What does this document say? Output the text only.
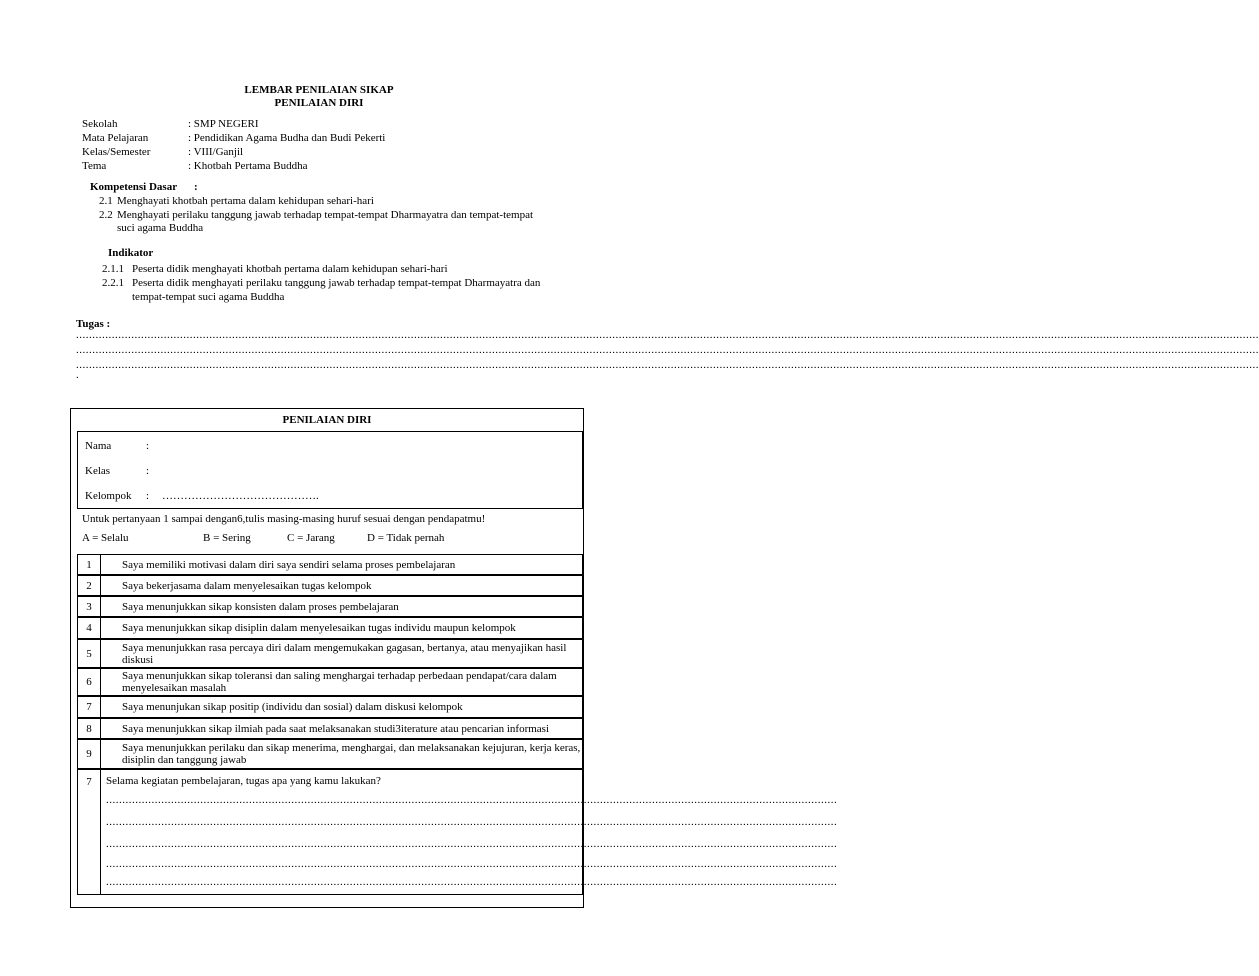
LEMBAR PENILAIAN SIKAP
PENILAIAN DIRI
Sekolah	: SMP NEGERI
Mata Pelajaran	: Pendidikan Agama Budha dan Budi Pekerti
Kelas/Semester	: VIII/Ganjil
Tema	: Khotbah Pertama Buddha
Kompetensi Dasar :
2.1 Menghayati khotbah pertama dalam kehidupan sehari-hari
2.2 Menghayati perilaku tanggung jawab terhadap tempat-tempat Dharmayatra dan tempat-tempat
suci agama Buddha
Indikator
2.1.1 Peserta didik menghayati khotbah pertama dalam kehidupan sehari-hari
2.2.1 Peserta didik menghayati perilaku tanggung jawab terhadap tempat-tempat Dharmayatra dan
tempat-tempat suci agama Buddha
Tugas :
............................................................................................................................................................................................................................................................................................................................................................................
............................................................................................................................................................................................................................................................................................................................................................................
............................................................................................................................................................................................................................................................................................................................................................................
.
PENILAIAN DIRI
Nama	:
Kelas	:
Kelompok : …………………………………….
Untuk pertanyaan 1 sampai dengan6,tulis masing-masing huruf sesuai dengan pendapatmu!
A = Selalu	B = Sering	C = Jarang	D = Tidak pernah
1	Saya memiliki motivasi dalam diri saya sendiri selama proses pembelajaran
2	Saya bekerjasama dalam menyelesaikan tugas kelompok
3	Saya menunjukkan sikap konsisten dalam proses pembelajaran
4	Saya menunjukkan sikap disiplin dalam menyelesaikan tugas individu maupun kelompok
5	Saya menunjukkan rasa percaya diri dalam mengemukakan gagasan, bertanya, atau menyajikan hasil diskusi
6	Saya menunjukkan sikap toleransi dan saling menghargai terhadap perbedaan pendapat/cara dalam menyelesaikan masalah
7	Saya menunjukan sikap positip (individu dan sosial) dalam diskusi kelompok
8	Saya menunjukkan sikap ilmiah pada saat melaksanakan studi3iterature atau pencarian informasi
9	Saya menunjukkan perilaku dan sikap menerima, menghargai, dan melaksanakan kejujuran, kerja keras, disiplin dan tanggung jawab
7	Selama kegiatan pembelajaran, tugas apa yang kamu lakukan?
.................................................................................................................................................................................................................................
.................................................................................................................................................................................................................................
.................................................................................................................................................................................................................................
.................................................................................................................................................................................................................................
.................................................................................................................................................................................................................................
